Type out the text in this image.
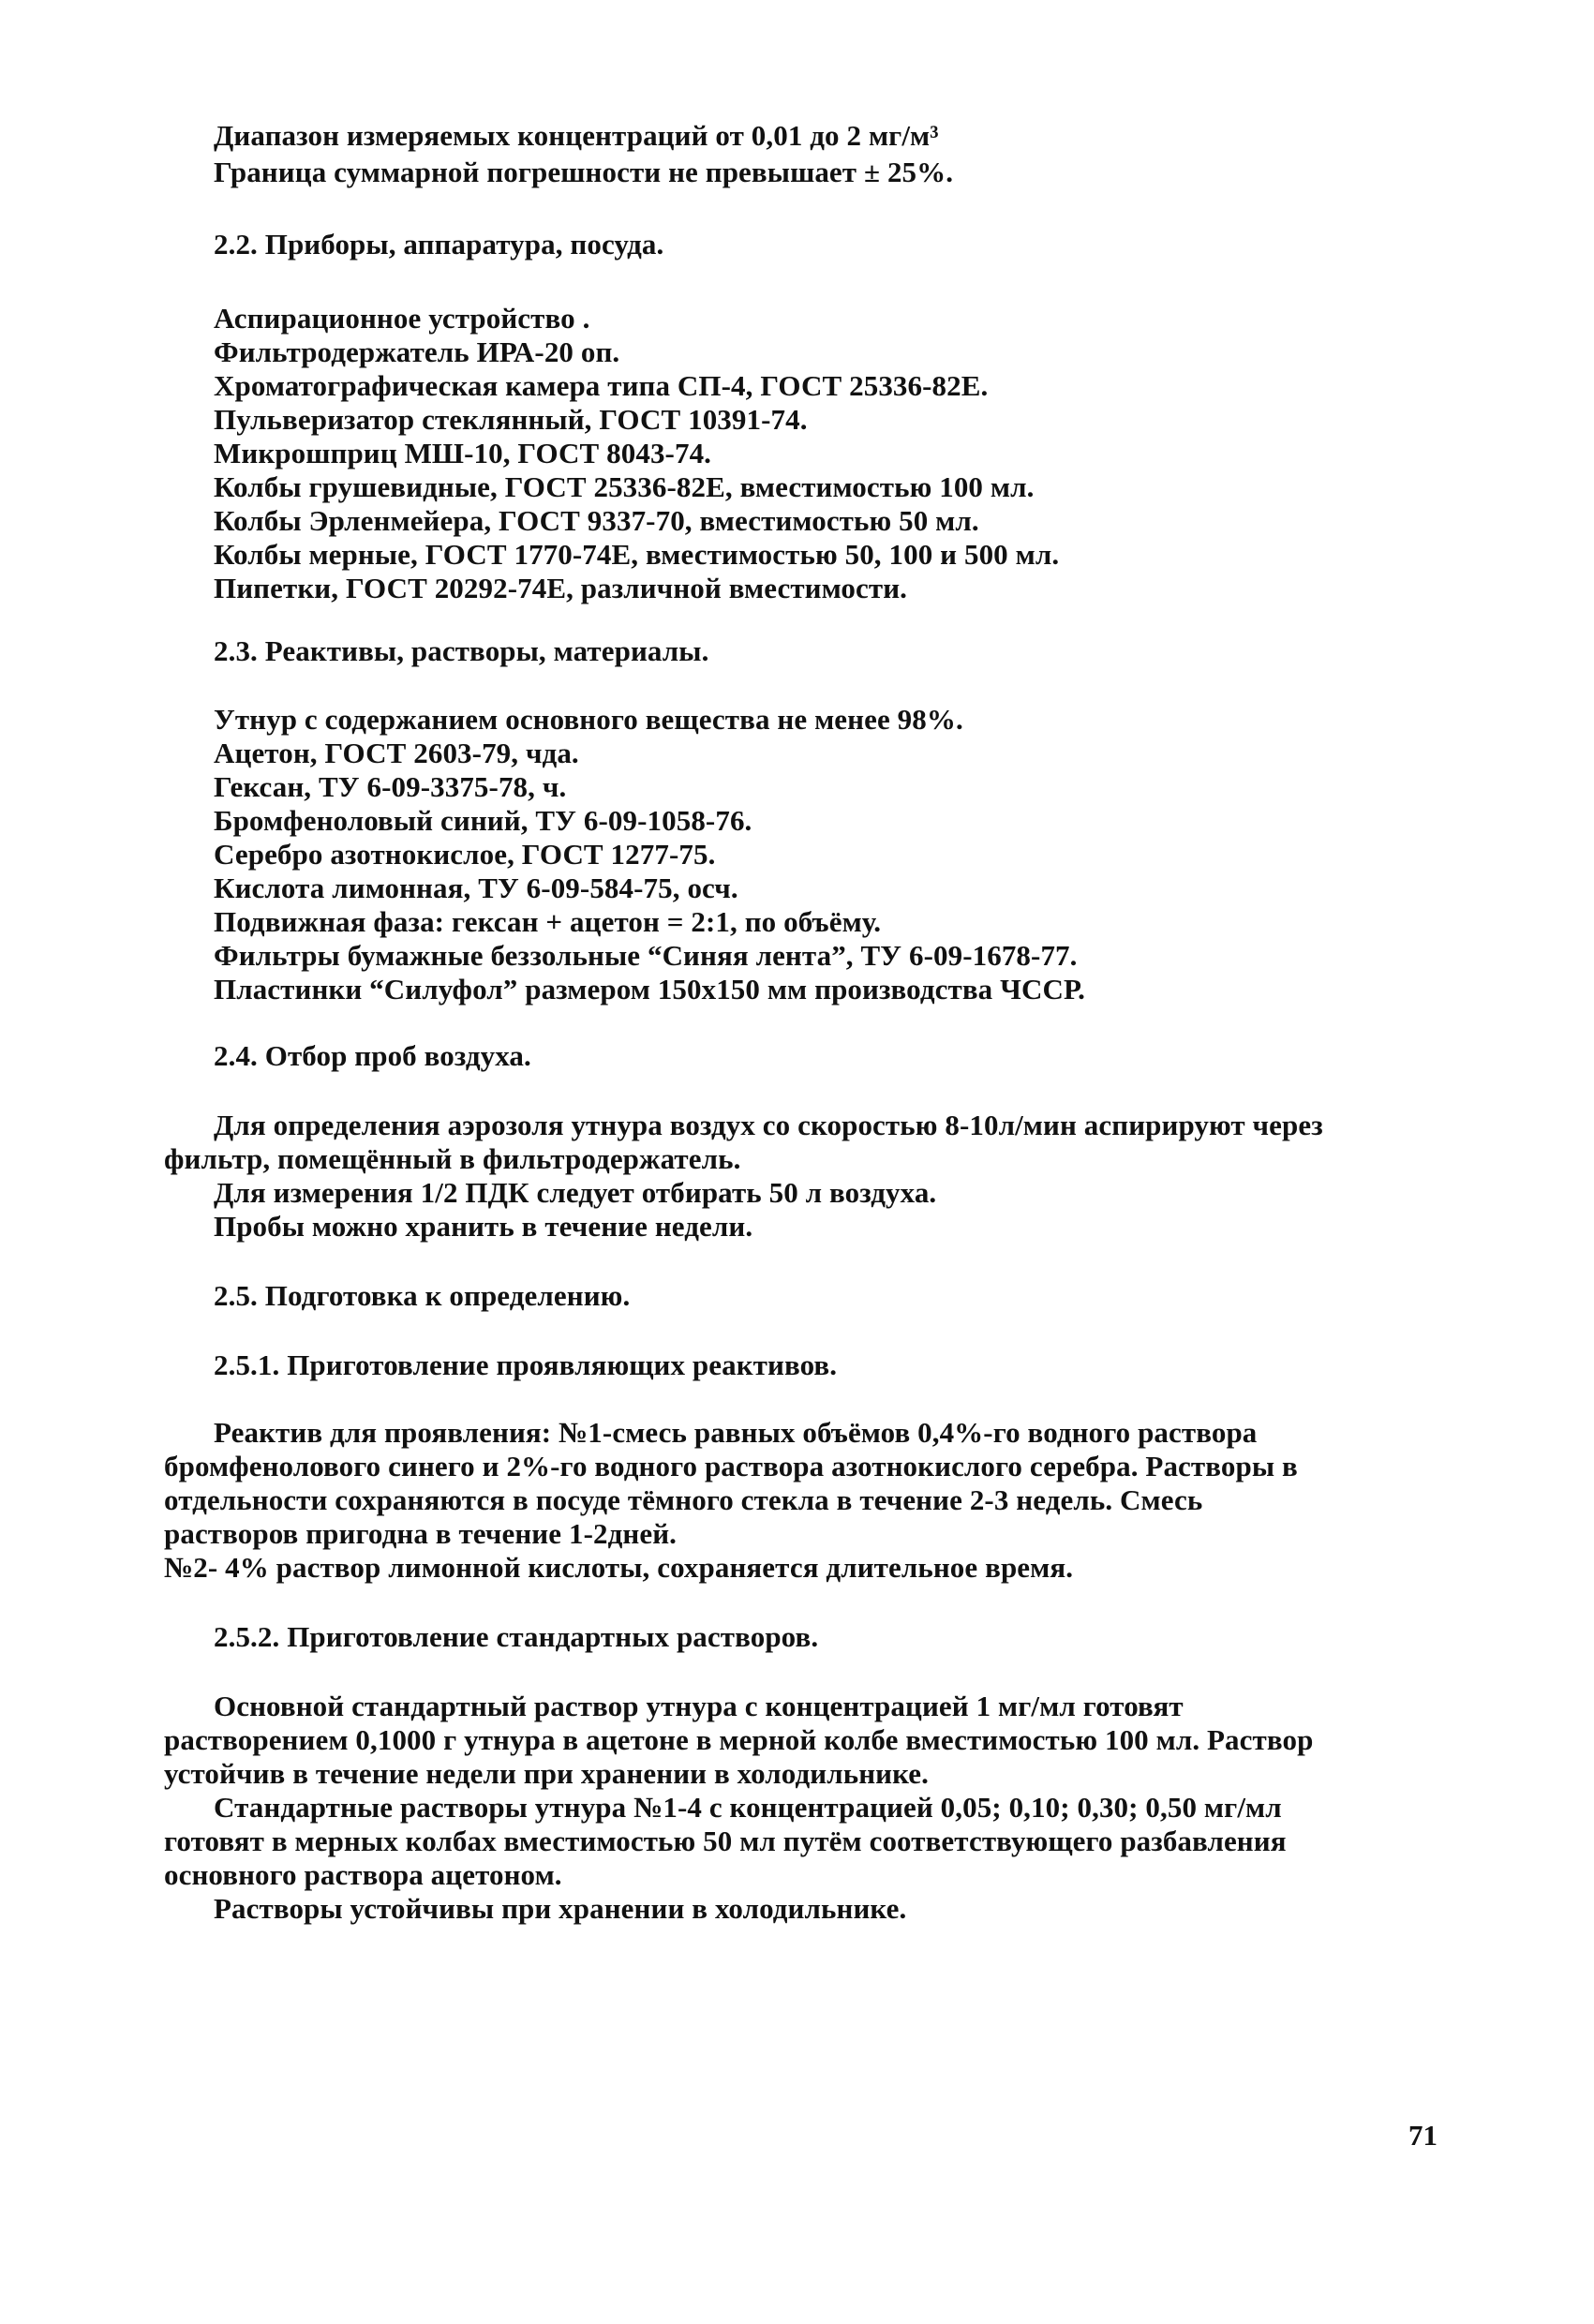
Диапазон измеряемых концентраций от 0,01 до 2 мг/м³
Граница суммарной погрешности не превышает ± 25%.
2.2. Приборы, аппаратура, посуда.
Аспирационное устройство .
Фильтродержатель ИРА-20 оп.
Хроматографическая камера типа СП-4, ГОСТ 25336-82Е.
Пульверизатор стеклянный, ГОСТ 10391-74.
Микрошприц МШ-10, ГОСТ 8043-74.
Колбы грушевидные, ГОСТ 25336-82Е, вместимостью 100 мл.
Колбы Эрленмейера, ГОСТ 9337-70, вместимостью 50 мл.
Колбы мерные, ГОСТ 1770-74Е, вместимостью 50, 100 и 500 мл.
Пипетки, ГОСТ 20292-74Е, различной вместимости.
2.3. Реактивы, растворы, материалы.
Утнур с содержанием основного вещества не менее 98%.
Ацетон, ГОСТ 2603-79, чда.
Гексан, ТУ 6-09-3375-78, ч.
Бромфеноловый синий, ТУ 6-09-1058-76.
Серебро азотнокислое, ГОСТ 1277-75.
Кислота лимонная, ТУ 6-09-584-75, осч.
Подвижная фаза: гексан + ацетон = 2:1, по объёму.
Фильтры бумажные беззольные “Синяя лента”, ТУ 6-09-1678-77.
Пластинки “Силуфол” размером 150х150 мм производства ЧССР.
2.4. Отбор проб воздуха.
Для определения аэрозоля утнура воздух со скоростью 8-10л/мин аспирируют через
фильтр, помещённый в фильтродержатель.
Для измерения 1/2 ПДК следует отбирать 50 л воздуха.
Пробы можно хранить в течение недели.
2.5. Подготовка к определению.
2.5.1. Приготовление проявляющих реактивов.
Реактив для проявления: №1-смесь равных объёмов 0,4%-го водного раствора
бромфенолового синего и 2%-го водного раствора азотнокислого серебра. Растворы в
отдельности сохраняются в посуде тёмного стекла в течение 2-3 недель. Смесь
растворов пригодна в течение 1-2дней.
№2- 4% раствор лимонной кислоты, сохраняется длительное время.
2.5.2. Приготовление стандартных растворов.
Основной стандартный раствор утнура с концентрацией 1 мг/мл готовят
растворением 0,1000 г утнура в ацетоне в мерной колбе вместимостью 100 мл. Раствор
устойчив в течение недели при хранении в холодильнике.
Стандартные растворы утнура №1-4 с концентрацией 0,05; 0,10; 0,30; 0,50 мг/мл
готовят в мерных колбах вместимостью 50 мл путём соответствующего разбавления
основного раствора ацетоном.
Растворы устойчивы при хранении в холодильнике.
71
